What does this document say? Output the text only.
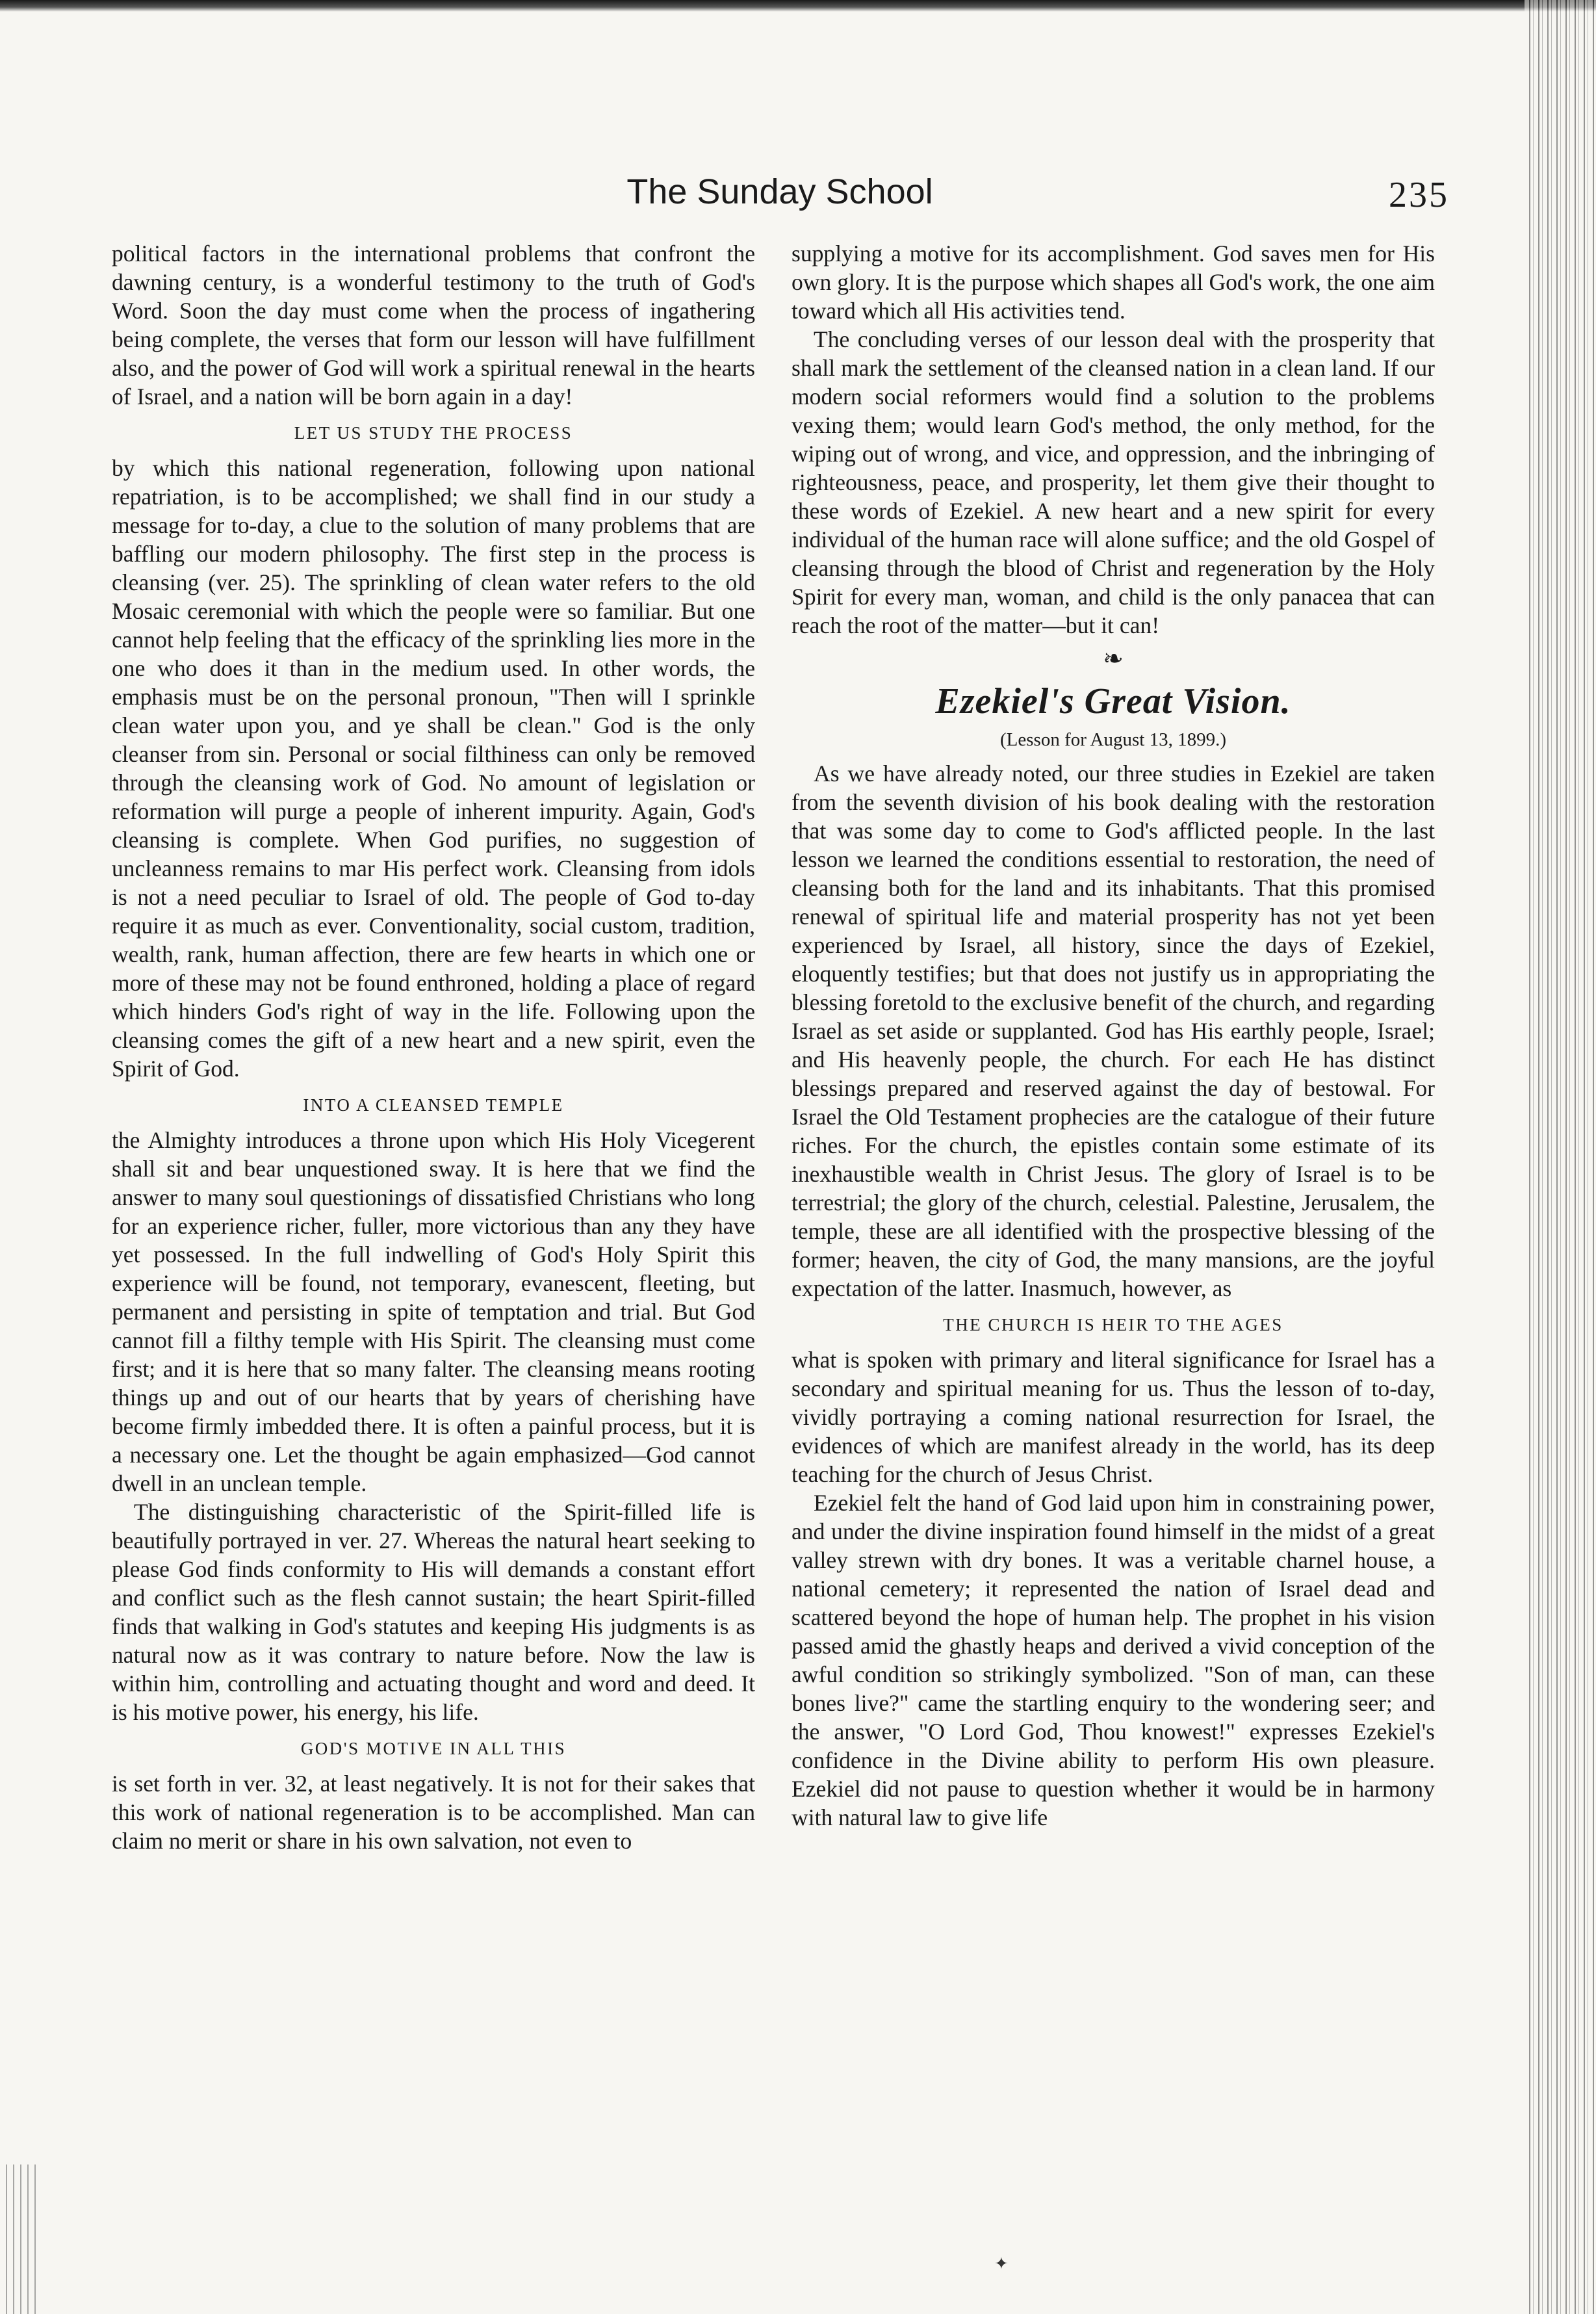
The Sunday School	235

political factors in the international problems that confront the dawning century, is a wonderful testimony to the truth of God's Word. Soon the day must come when the process of ingathering being complete, the verses that form our lesson will have fulfillment also, and the power of God will work a spiritual renewal in the hearts of Israel, and a nation will be born again in a day!

LET US STUDY THE PROCESS

by which this national regeneration, following upon national repatriation, is to be accomplished; we shall find in our study a message for to-day, a clue to the solution of many problems that are baffling our modern philosophy. The first step in the process is cleansing (ver. 25). The sprinkling of clean water refers to the old Mosaic ceremonial with which the people were so familiar. But one cannot help feeling that the efficacy of the sprinkling lies more in the one who does it than in the medium used. In other words, the emphasis must be on the personal pronoun, "Then will I sprinkle clean water upon you, and ye shall be clean." God is the only cleanser from sin. Personal or social filthiness can only be removed through the cleansing work of God. No amount of legislation or reformation will purge a people of inherent impurity. Again, God's cleansing is complete. When God purifies, no suggestion of uncleanness remains to mar His perfect work. Cleansing from idols is not a need peculiar to Israel of old. The people of God to-day require it as much as ever. Conventionality, social custom, tradition, wealth, rank, human affection, there are few hearts in which one or more of these may not be found enthroned, holding a place of regard which hinders God's right of way in the life. Following upon the cleansing comes the gift of a new heart and a new spirit, even the Spirit of God.

INTO A CLEANSED TEMPLE

the Almighty introduces a throne upon which His Holy Vicegerent shall sit and bear unquestioned sway. It is here that we find the answer to many soul questionings of dissatisfied Christians who long for an experience richer, fuller, more victorious than any they have yet possessed. In the full indwelling of God's Holy Spirit this experience will be found, not temporary, evanescent, fleeting, but permanent and persisting in spite of temptation and trial. But God cannot fill a filthy temple with His Spirit. The cleansing must come first; and it is here that so many falter. The cleansing means rooting things up and out of our hearts that by years of cherishing have become firmly imbedded there. It is often a painful process, but it is a necessary one. Let the thought be again emphasized—God cannot dwell in an unclean temple.

The distinguishing characteristic of the Spirit-filled life is beautifully portrayed in ver. 27. Whereas the natural heart seeking to please God finds conformity to His will demands a constant effort and conflict such as the flesh cannot sustain; the heart Spirit-filled finds that walking in God's statutes and keeping His judgments is as natural now as it was contrary to nature before. Now the law is within him, controlling and actuating thought and word and deed. It is his motive power, his energy, his life.

GOD'S MOTIVE IN ALL THIS

is set forth in ver. 32, at least negatively. It is not for their sakes that this work of national regeneration is to be accomplished. Man can claim no merit or share in his own salvation, not even to

supplying a motive for its accomplishment. God saves men for His own glory. It is the purpose which shapes all God's work, the one aim toward which all His activities tend.

The concluding verses of our lesson deal with the prosperity that shall mark the settlement of the cleansed nation in a clean land. If our modern social reformers would find a solution to the problems vexing them; would learn God's method, the only method, for the wiping out of wrong, and vice, and oppression, and the inbringing of righteousness, peace, and prosperity, let them give their thought to these words of Ezekiel. A new heart and a new spirit for every individual of the human race will alone suffice; and the old Gospel of cleansing through the blood of Christ and regeneration by the Holy Spirit for every man, woman, and child is the only panacea that can reach the root of the matter—but it can!

❧
Ezekiel's Great Vision.
(Lesson for August 13, 1899.)

As we have already noted, our three studies in Ezekiel are taken from the seventh division of his book dealing with the restoration that was some day to come to God's afflicted people. In the last lesson we learned the conditions essential to restoration, the need of cleansing both for the land and its inhabitants. That this promised renewal of spiritual life and material prosperity has not yet been experienced by Israel, all history, since the days of Ezekiel, eloquently testifies; but that does not justify us in appropriating the blessing foretold to the exclusive benefit of the church, and regarding Israel as set aside or supplanted. God has His earthly people, Israel; and His heavenly people, the church. For each He has distinct blessings prepared and reserved against the day of bestowal. For Israel the Old Testament prophecies are the catalogue of their future riches. For the church, the epistles contain some estimate of its inexhaustible wealth in Christ Jesus. The glory of Israel is to be terrestrial; the glory of the church, celestial. Palestine, Jerusalem, the temple, these are all identified with the prospective blessing of the former; heaven, the city of God, the many mansions, are the joyful expectation of the latter. Inasmuch, however, as

THE CHURCH IS HEIR TO THE AGES

what is spoken with primary and literal significance for Israel has a secondary and spiritual meaning for us. Thus the lesson of to-day, vividly portraying a coming national resurrection for Israel, the evidences of which are manifest already in the world, has its deep teaching for the church of Jesus Christ.

Ezekiel felt the hand of God laid upon him in constraining power, and under the divine inspiration found himself in the midst of a great valley strewn with dry bones. It was a veritable charnel house, a national cemetery; it represented the nation of Israel dead and scattered beyond the hope of human help. The prophet in his vision passed amid the ghastly heaps and derived a vivid conception of the awful condition so strikingly symbolized. "Son of man, can these bones live?" came the startling enquiry to the wondering seer; and the answer, "O Lord God, Thou knowest!" expresses Ezekiel's confidence in the Divine ability to perform His own pleasure. Ezekiel did not pause to question whether it would be in harmony with natural law to give life

✦
